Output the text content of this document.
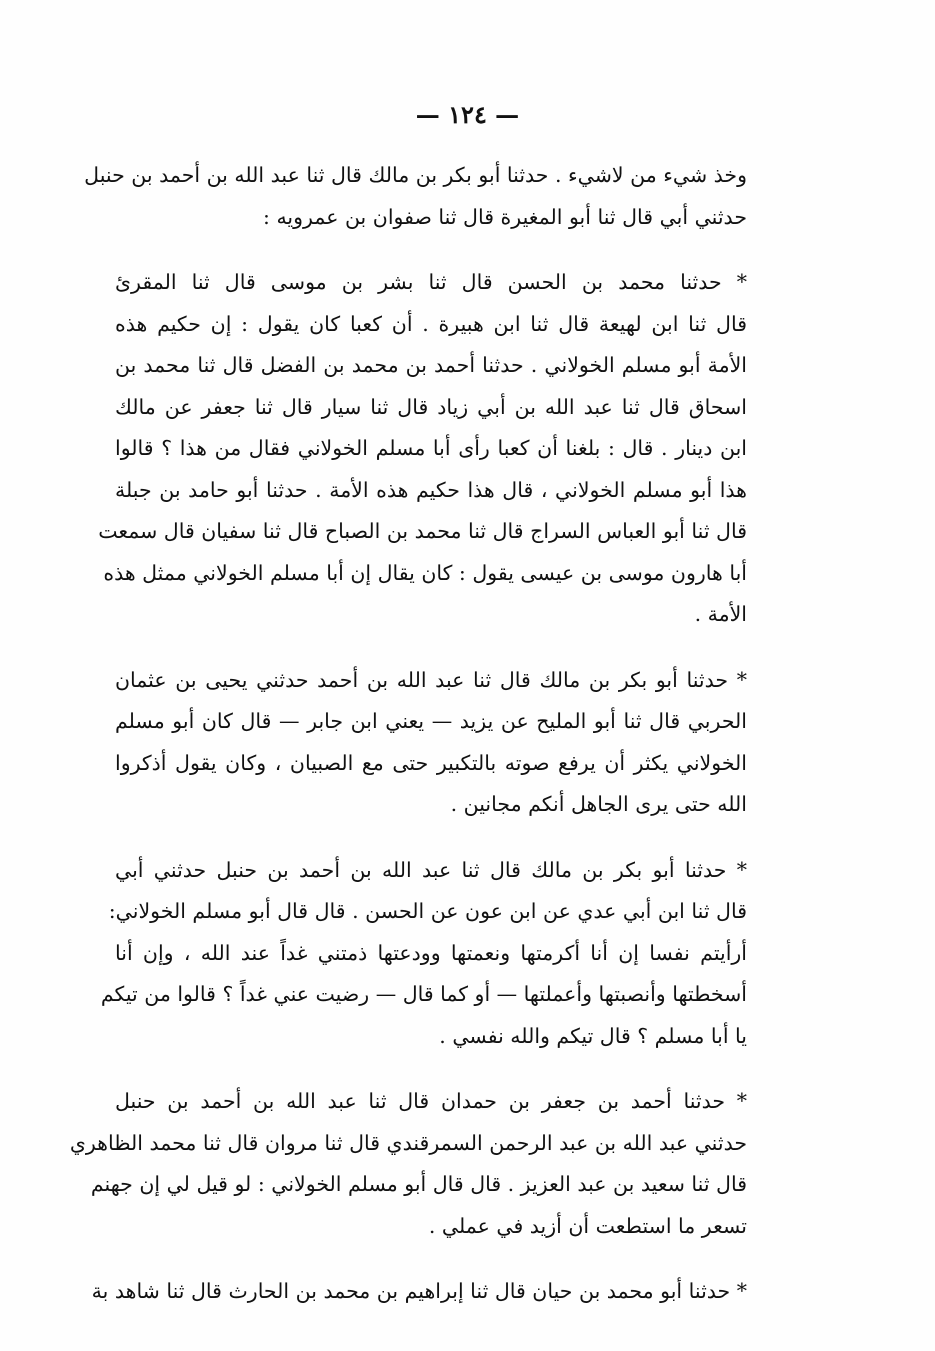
— ١٢٤ —
وخذ شيء من لاشيء . حدثنا أبو بكر بن مالك قال ثنا عبد الله بن أحمد بن حنبل
حدثني أبي قال ثنا أبو المغيرة قال ثنا صفوان بن عمرويه :
* حدثنا محمد بن الحسن قال ثنا بشر بن موسى قال ثنا المقرئ
قال ثنا ابن لهيعة قال ثنا ابن هبيرة . أن كعبا كان يقول : إن حكيم هذه
الأمة أبو مسلم الخولاني . حدثنا أحمد بن محمد بن الفضل قال ثنا محمد بن
اسحاق قال ثنا عبد الله بن أبي زياد قال ثنا سيار قال ثنا جعفر عن مالك
ابن دينار . قال : بلغنا أن كعبا رأى أبا مسلم الخولاني فقال من هذا ؟ قالوا
هذا أبو مسلم الخولاني ، قال هذا حكيم هذه الأمة . حدثنا أبو حامد بن جبلة
قال ثنا أبو العباس السراج قال ثنا محمد بن الصباح قال ثنا سفيان قال سمعت
أبا هارون موسى بن عيسى يقول : كان يقال إن أبا مسلم الخولاني ممثل هذه
الأمة .
* حدثنا أبو بكر بن مالك قال ثنا عبد الله بن أحمد حدثني يحيى بن عثمان
الحربي قال ثنا أبو المليح عن يزيد — يعني ابن جابر — قال كان أبو مسلم
الخولاني يكثر أن يرفع صوته بالتكبير حتى مع الصبيان ، وكان يقول أذكروا
الله حتى يرى الجاهل أنكم مجانين .
* حدثنا أبو بكر بن مالك قال ثنا عبد الله بن أحمد بن حنبل حدثني أبي
قال ثنا ابن أبي عدي عن ابن عون عن الحسن . قال قال أبو مسلم الخولاني:
أرأيتم نفسا إن أنا أكرمتها ونعمتها وودعتها ذمتني غداً عند الله ، وإن أنا
أسخطتها وأنصبتها وأعملتها — أو كما قال — رضيت عني غداً ؟ قالوا من تيكم
يا أبا مسلم ؟ قال تيكم والله نفسي .
* حدثنا أحمد بن جعفر بن حمدان قال ثنا عبد الله بن أحمد بن حنبل
حدثني عبد الله بن عبد الرحمن السمرقندي قال ثنا مروان قال ثنا محمد الظاهري
قال ثنا سعيد بن عبد العزيز . قال قال أبو مسلم الخولاني : لو قيل لي إن جهنم
تسعر ما استطعت أن أزيد في عملي .
* حدثنا أبو محمد بن حيان قال ثنا إبراهيم بن محمد بن الحارث قال ثنا شاهد بة
